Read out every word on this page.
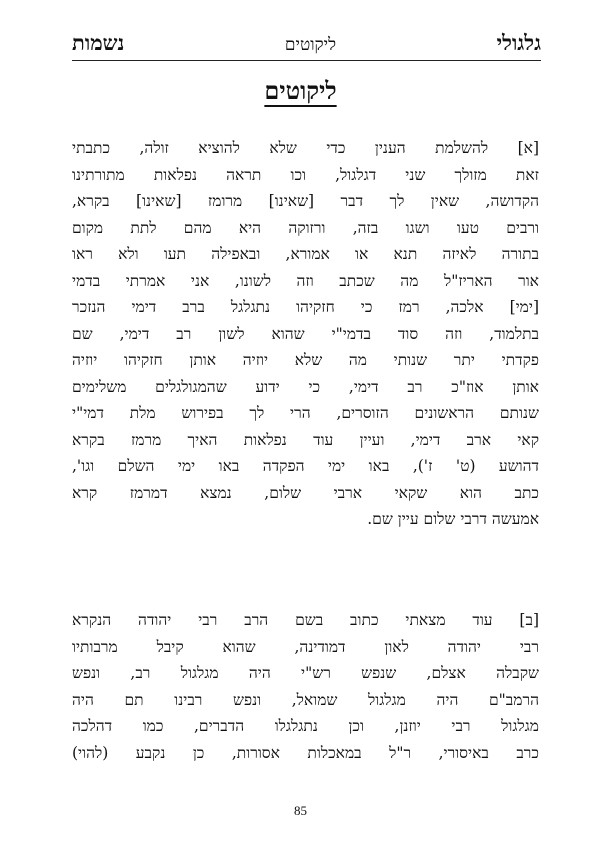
גלגולי
ליקוטים
נשמות
ליקוטים
[א] להשלמת הענין כדי שלא להוציא זולה, כתבתי
זאת מזולך שני דגלגול, וכו תראה נפלאות מתורתינו
הקדושה, שאין לך דבר [שאינו] מרומז [שאינו] בקרא,
ורבים טעו ושגו בזה, ורזוקה היא מהם לתת מקום
בתורה לאיזה תנא או אמורא, ובאפילה תעו ולא ראו
אור האריז"ל מה שכתב וזה לשונו, אני אמרתי בדמי
[ימי] אלכה, רמז כי חזקיהו נתגלגל ברב דימי הנזכר
בתלמוד, וזה סוד בדמי"י שהוא לשון רב דימי, שם
פקדתי יתר שנותי מה שלא יוזיה אותן חזקיהו יוזיה
אותן אוז"כ רב דימי, כי ידוע שהמגולגלים משלימים
שנותם הראשונים הזוסרים, הרי לך בפירוש מלת דמי"י
קאי ארב דימי, ועיין עוד נפלאות האיך מרמז בקרא
דהושע (ט' ז'), באו ימי הפקדה באו ימי השלם וגו',
כתב הוא שקאי ארבי שלום, נמצא דמרמז קרא
אמעשה דרבי שלום עיין שם.
[ב] עוד מצאתי כתוב בשם הרב רבי יהודה הנקרא
רבי יהודה לאון דמודינה, שהוא קיבל מרבותיו
שקבלה אצלם, שנפש רש"י היה מגלגול רב, ונפש
הרמב"ם היה מגלגול שמואל, ונפש רבינו תם היה
מגלגול רבי יוזנן, וכן נתגלגלו הדברים, כמו דהלכה
כרב באיסורי, ר"ל במאכלות אסורות, כן נקבע (להוי)
85
